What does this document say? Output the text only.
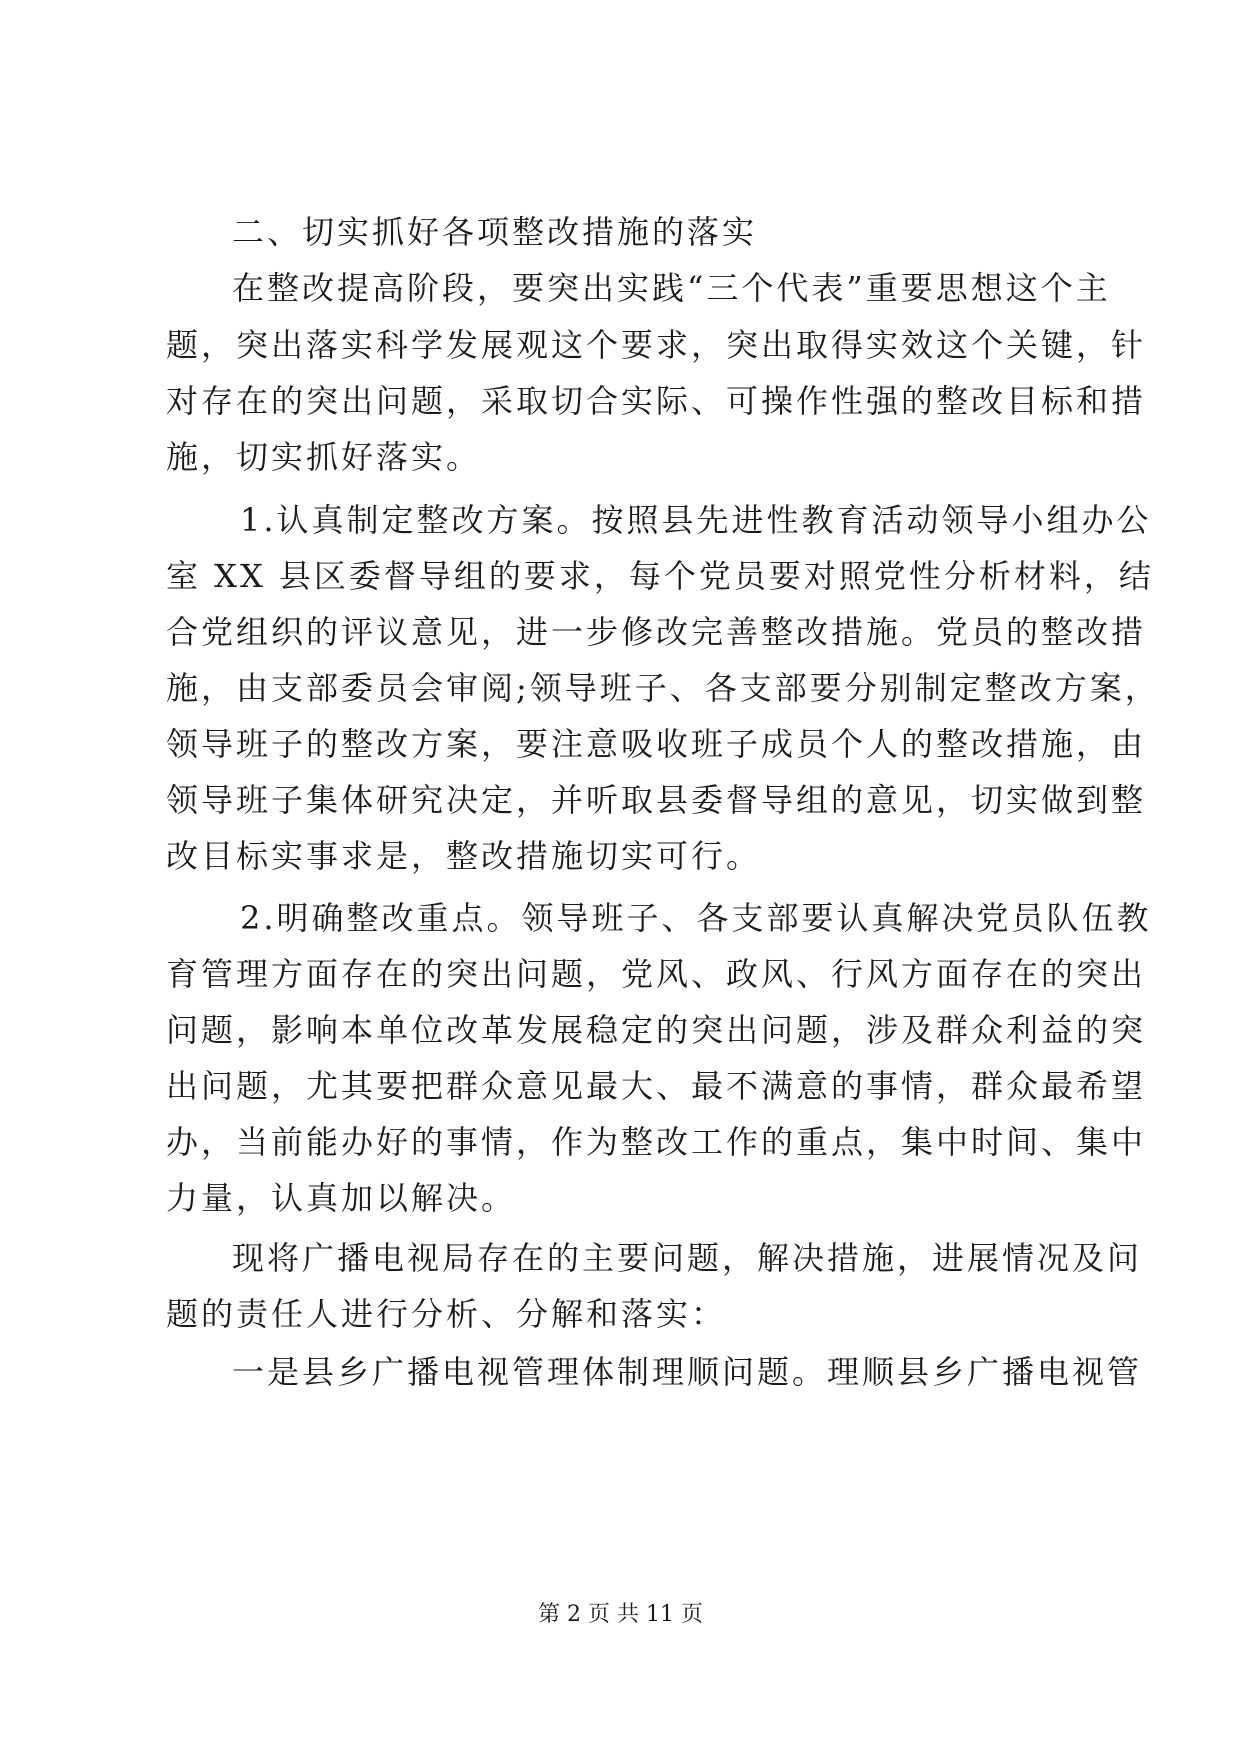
二、切实抓好各项整改措施的落实
在整改提高阶段，要突出实践“三个代表”重要思想这个主
题，突出落实科学发展观这个要求，突出取得实效这个关键，针
对存在的突出问题，采取切合实际、可操作性强的整改目标和措
施，切实抓好落实。
1.认真制定整改方案。按照县先进性教育活动领导小组办公
室 XX 县区委督导组的要求，每个党员要对照党性分析材料，结
合党组织的评议意见，进一步修改完善整改措施。党员的整改措
施，由支部委员会审阅;领导班子、各支部要分别制定整改方案，
领导班子的整改方案，要注意吸收班子成员个人的整改措施，由
领导班子集体研究决定，并听取县委督导组的意见，切实做到整
改目标实事求是，整改措施切实可行。
2.明确整改重点。领导班子、各支部要认真解决党员队伍教
育管理方面存在的突出问题，党风、政风、行风方面存在的突出
问题，影响本单位改革发展稳定的突出问题，涉及群众利益的突
出问题，尤其要把群众意见最大、最不满意的事情，群众最希望
办，当前能办好的事情，作为整改工作的重点，集中时间、集中
力量，认真加以解决。
现将广播电视局存在的主要问题，解决措施，进展情况及问
题的责任人进行分析、分解和落实：
一是县乡广播电视管理体制理顺问题。理顺县乡广播电视管
第 2 页 共 11 页
